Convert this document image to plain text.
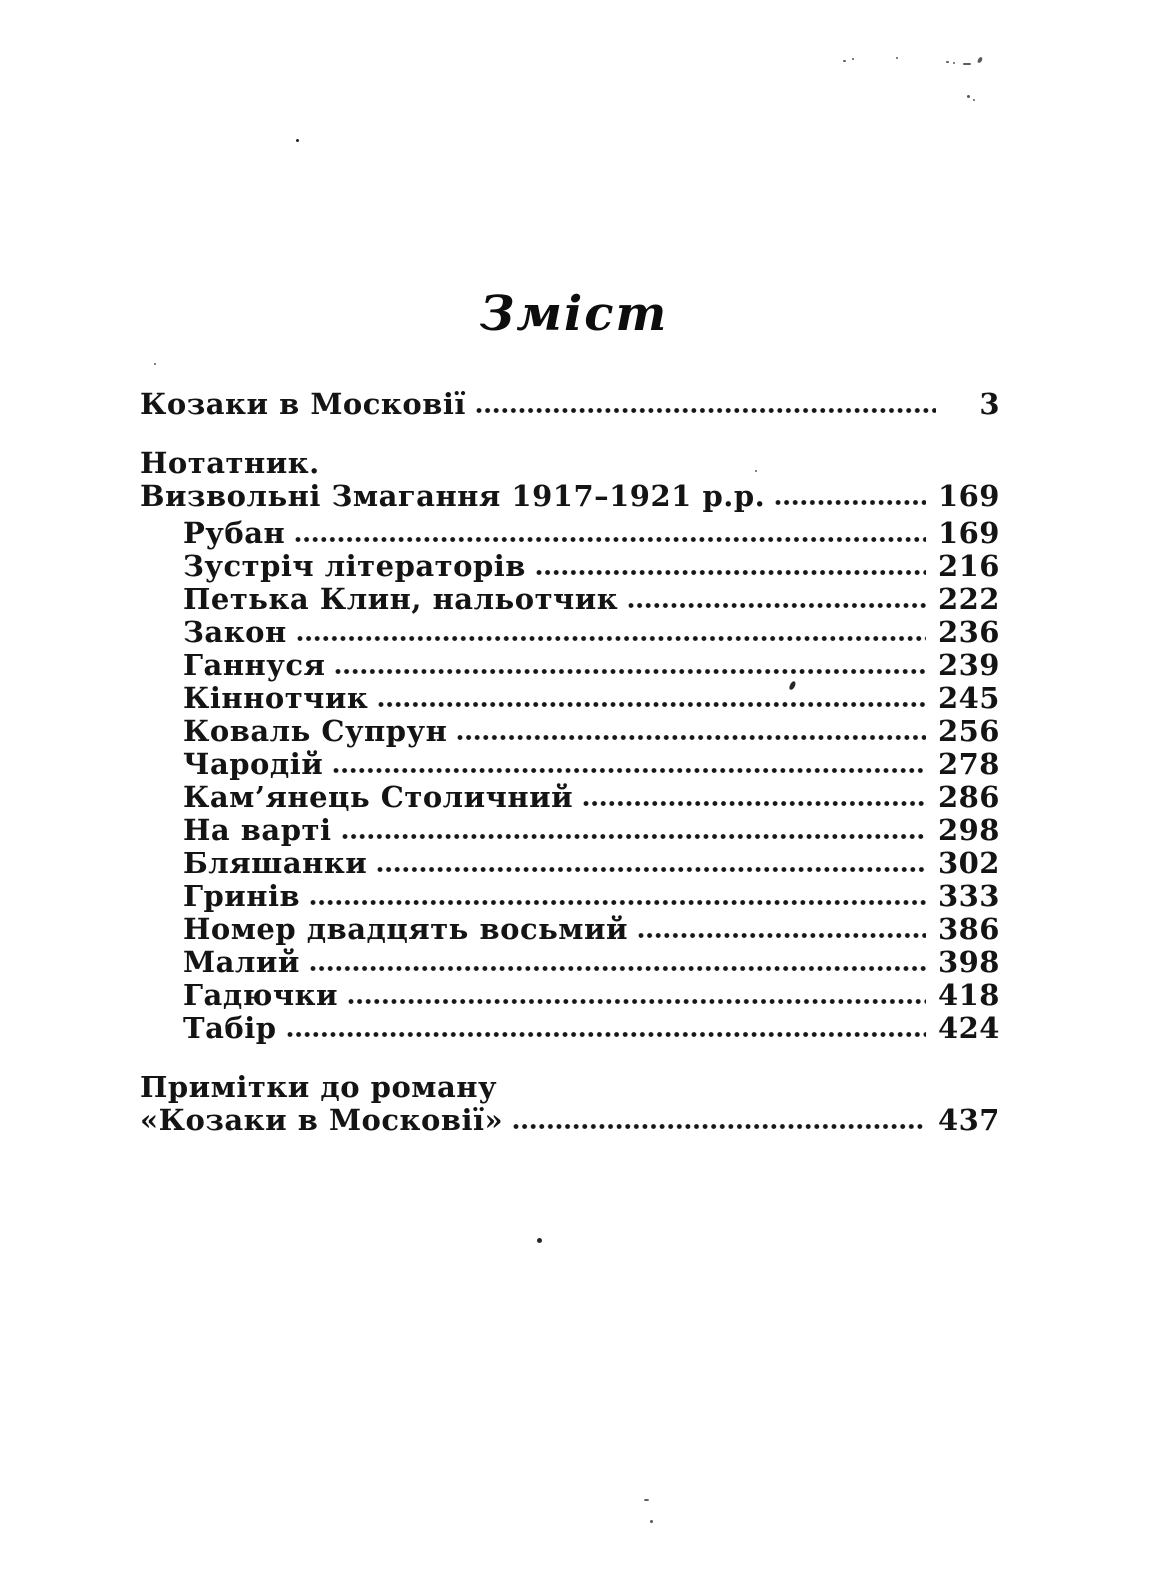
Зміст
Козаки в Московії	3
Нотатник.
Визвольні Змагання 1917–1921 р.р.	169
Рубан	169
Зустріч літераторів	216
Петька Клин, нальотчик	222
Закон	236
Ганнуся	239
Кіннотчик	245
Коваль Супрун	256
Чародій	278
Кам’янець Столичний	286
На варті	298
Бляшанки	302
Гринів	333
Номер двадцять восьмий	386
Малий	398
Гадючки	418
Табір	424
Примітки до роману
«Козаки в Московії»	437
